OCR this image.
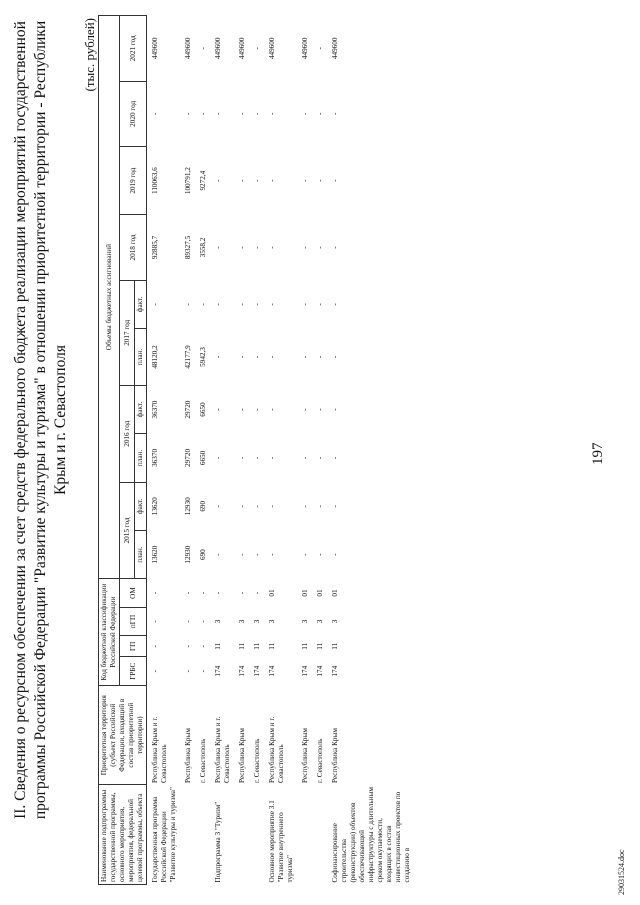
II. Сведения о ресурсном обеспечении за счет средств федерального бюджета реализации мероприятий государственной программы Российской Федерации "Развитие культуры и туризма" в отношении приоритетной территории - Республики Крым и г. Севастополя
(тыс. рублей)
Наименование подпрограммы государственной программы, основного мероприятия, мероприятия, федеральной целевой программы, объекта	Приоритетная территория (субъект Российской Федерации, входящий в состав приоритетной территории)	Код бюджетной классификации Российской Федерации				Объемы бюджетных ассигнований									
		ГРБС	ГП	пГП	ОМ	2015 год		2016 год		2017 год		2018 год	2019 год	2020 год	2021 год
						план.	факт.	план.	факт.	план.	факт.				
Государственная программа Российской Федерации "Развитие культуры и туризма"	Республика Крым и г. Севастополь	-	-	-	-	13620	13620	36370	36370	48120,2	-	92885,7	110063,6	-	449600
	Республика Крым	-	-	-	-	12930	12930	29720	29720	42177,9	-	89327,5	100791,2	-	449600
	г. Севастополь	-	-	-	-	690	690	6650	6650	5942,3	-	3558,2	9272,4	-	-
Подпрограмма 3 "Туризм"	Республика Крым и г. Севастополь	174	11	3	-	-	-	-	-	-	-	-	-	-	449600
	Республика Крым	174	11	3	-	-	-	-	-	-	-	-	-	-	449600
	г. Севастополь	174	11	3	-	-	-	-	-	-	-	-	-	-	-
Основное мероприятие 3.1 "Развитие внутреннего туризма"	Республика Крым и г. Севастополь	174	11	3	01	-	-	-	-	-	-	-	-	-	449600
	Республика Крым	174	11	3	01	-	-	-	-	-	-	-	-	-	449600
	г. Севастополь	174	11	3	01	-	-	-	-	-	-	-	-	-	-
Софинансирование строительства (реконструкции) объектов обеспечивающей инфраструктуры с длительным сроком окупаемости, входящих в состав инвестиционных проектов по созданию в	Республика Крым	174	11	3	01	-	-	-	-	-	-	-	-	-	449600
197
29031524.doc
